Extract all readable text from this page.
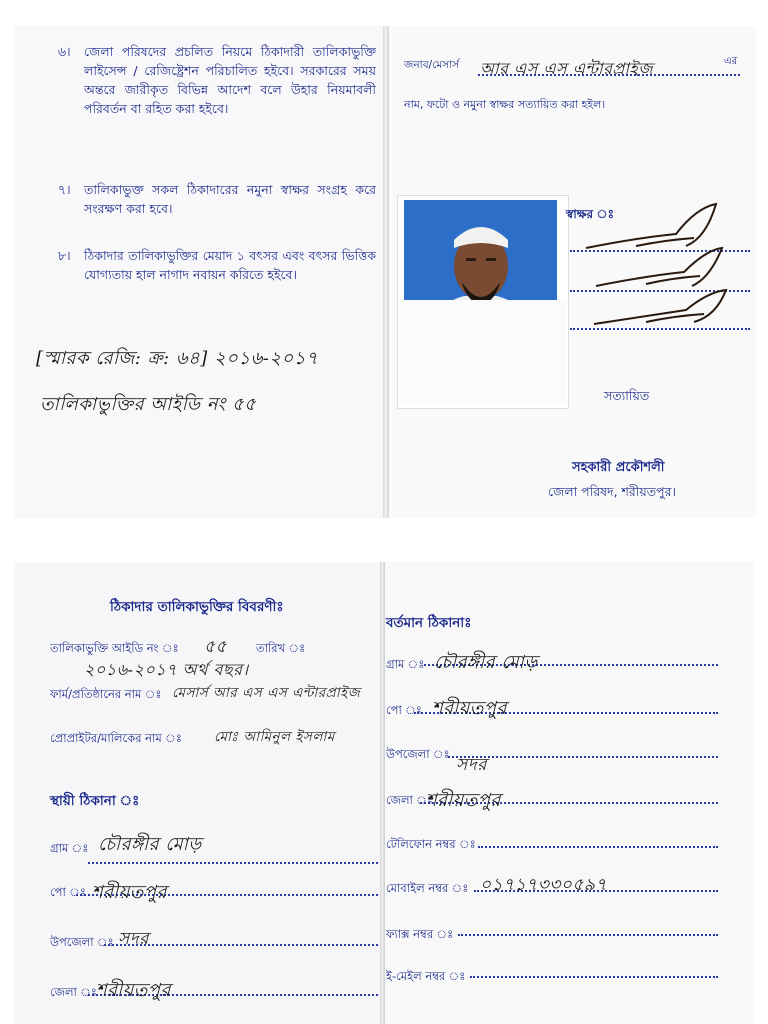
৬। জেলা পরিষদের প্রচলিত নিয়মে ঠিকাদারী তালিকাভুক্তি লাইসেন্স / রেজিষ্ট্রেশন পরিচালিত হইবে। সরকারের সময় অন্তরে জারীকৃত বিভিন্ন আদেশ বলে উহার নিয়মাবলী পরিবর্তন বা রহিত করা হইবে।
৭। তালিকাভুক্ত সকল ঠিকাদারের নমুনা স্বাক্ষর সংগ্রহ করে সংরক্ষণ করা হবে।
৮। ঠিকাদার তালিকাভুক্তির মেয়াদ ১ বৎসর এবং বৎসর ভিত্তিক যোগ্যতায় হাল নাগাদ নবায়ন করিতে হইবে।
[স্মারক রেজি: ক্র: ৬৪] ২০১৬-২০১৭
তালিকাভুক্তির আইডি নং ৫৫
জনাব/মেসার্স আর এস এস এন্টারপ্রাইজ	এর
নাম, ফটো ও নমুনা স্বাক্ষর সত্যায়িত করা হইল।
স্বাক্ষর ঃ
সত্যায়িত
সহকারী প্রকৌশলী
জেলা পরিষদ, শরীয়তপুর।
ঠিকাদার তালিকাভুক্তির বিবরণীঃ
তালিকাভুক্তি আইডি নং ঃ ৫৫	তারিখ ঃ
২০১৬-২০১৭ অর্থ বছর।
ফার্ম/প্রতিষ্ঠানের নাম ঃ মেসার্স আর এস এস এন্টারপ্রাইজ
প্রোপ্রাইটর/মালিকের নাম ঃ মোঃ আমিনুল ইসলাম
স্থায়ী ঠিকানা ঃ
গ্রাম ঃ চৌরঙ্গীর মোড়
পো ঃ শরীয়তপুর
উপজেলা ঃ সদর
জেলা ঃ শরীয়তপুর
বর্তমান ঠিকানাঃ
গ্রাম ঃ চৌরঙ্গীর মোড়
পো ঃ শরীয়তপুর
উপজেলা ঃ
সদর
জেলা ঃ
শরীয়তপুর
টেলিফোন নম্বর ঃ
মোবাইল নম্বর ঃ ০১৭১৭৩৩০৫৯৭
ফ্যাক্স নম্বর ঃ
ই-মেইল নম্বর ঃ
